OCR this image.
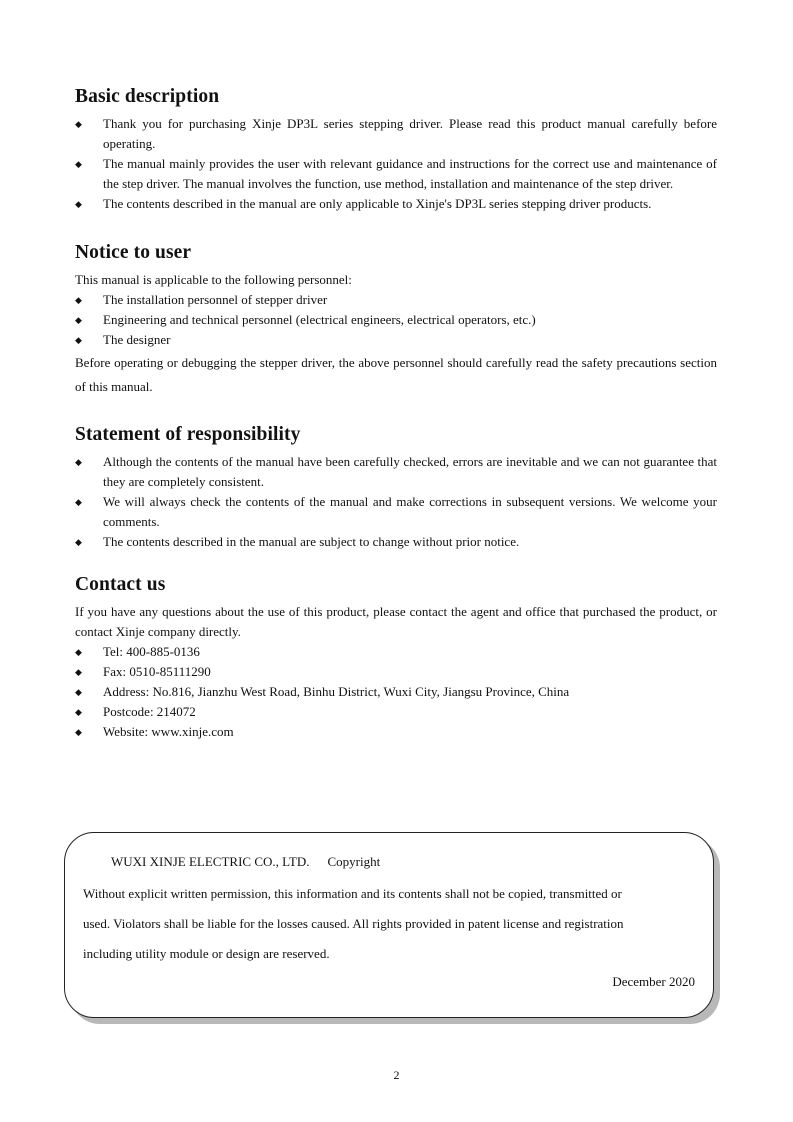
Basic description
◆ Thank you for purchasing Xinje DP3L series stepping driver. Please read this product manual carefully before operating.
◆ The manual mainly provides the user with relevant guidance and instructions for the correct use and maintenance of the step driver. The manual involves the function, use method, installation and maintenance of the step driver.
◆ The contents described in the manual are only applicable to Xinje's DP3L series stepping driver products.
Notice to user

This manual is applicable to the following personnel:

◆ The installation personnel of stepper driver
◆ Engineering and technical personnel (electrical engineers, electrical operators, etc.)
◆ The designer

Before operating or debugging the stepper driver, the above personnel should carefully read the safety precautions section of this manual.

Statement of responsibility
◆ Although the contents of the manual have been carefully checked, errors are inevitable and we can not guarantee that they are completely consistent.
◆ We will always check the contents of the manual and make corrections in subsequent versions. We welcome your comments.
◆ The contents described in the manual are subject to change without prior notice.
Contact us

If you have any questions about the use of this product, please contact the agent and office that purchased the product, or contact Xinje company directly.

◆ Tel: 400-885-0136
◆ Fax: 0510-85111290
◆ Address: No.816, Jianzhu West Road, Binhu District, Wuxi City, Jiangsu Province, China
◆ Postcode: 214072
◆ Website: www.xinje.com
WUXI XINJE ELECTRIC CO., LTD. Copyright
Without explicit written permission, this information and its contents shall not be copied, transmitted or
used. Violators shall be liable for the losses caused. All rights provided in patent license and registration
including utility module or design are reserved.
December 2020
2
